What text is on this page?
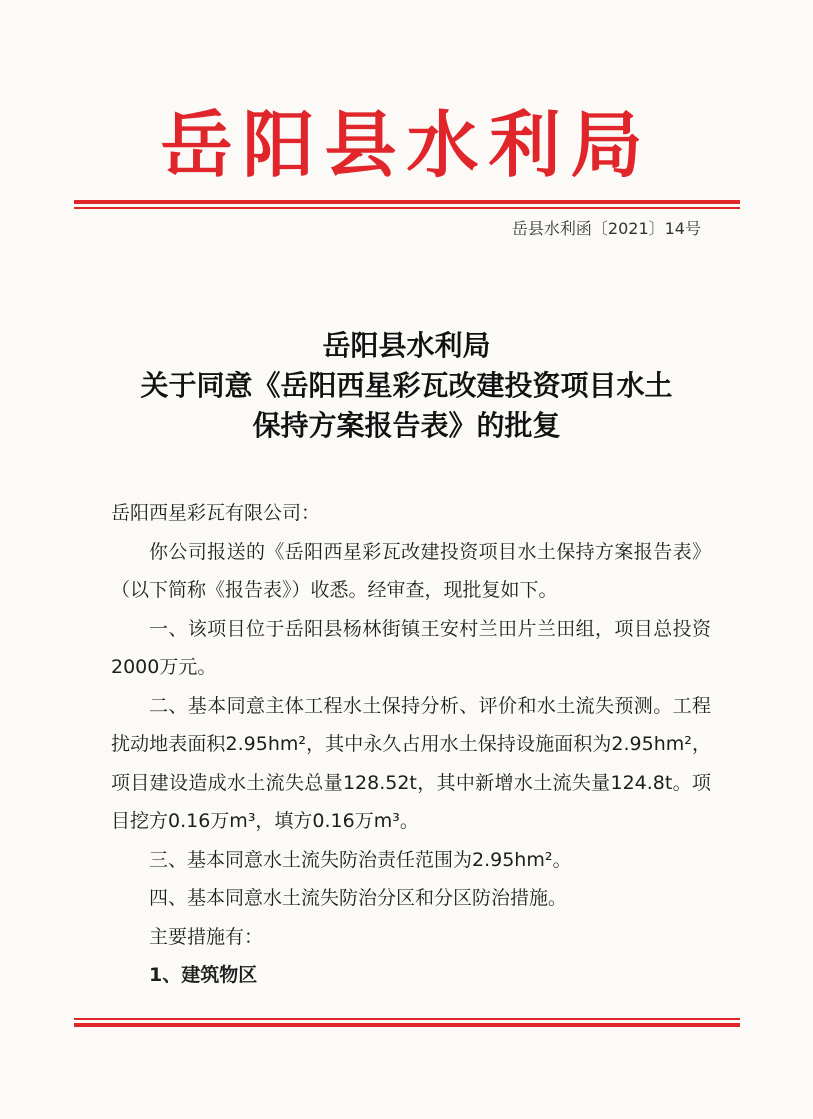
岳阳县水利局
岳县水利函〔2021〕14号
岳阳县水利局
关于同意《岳阳西星彩瓦改建投资项目水土
保持方案报告表》的批复

岳阳西星彩瓦有限公司：

你公司报送的《岳阳西星彩瓦改建投资项目水土保持方案报告表》（以下简称《报告表》）收悉。经审查，现批复如下。

一、该项目位于岳阳县杨林街镇王安村兰田片兰田组，项目总投资2000万元。

二、基本同意主体工程水土保持分析、评价和水土流失预测。工程扰动地表面积2.95hm²，其中永久占用水土保持设施面积为2.95hm²，项目建设造成水土流失总量128.52t，其中新增水土流失量124.8t。项目挖方0.16万m³，填方0.16万m³。

三、基本同意水土流失防治责任范围为2.95hm²。

四、基本同意水土流失防治分区和分区防治措施。

主要措施有：

1、建筑物区
